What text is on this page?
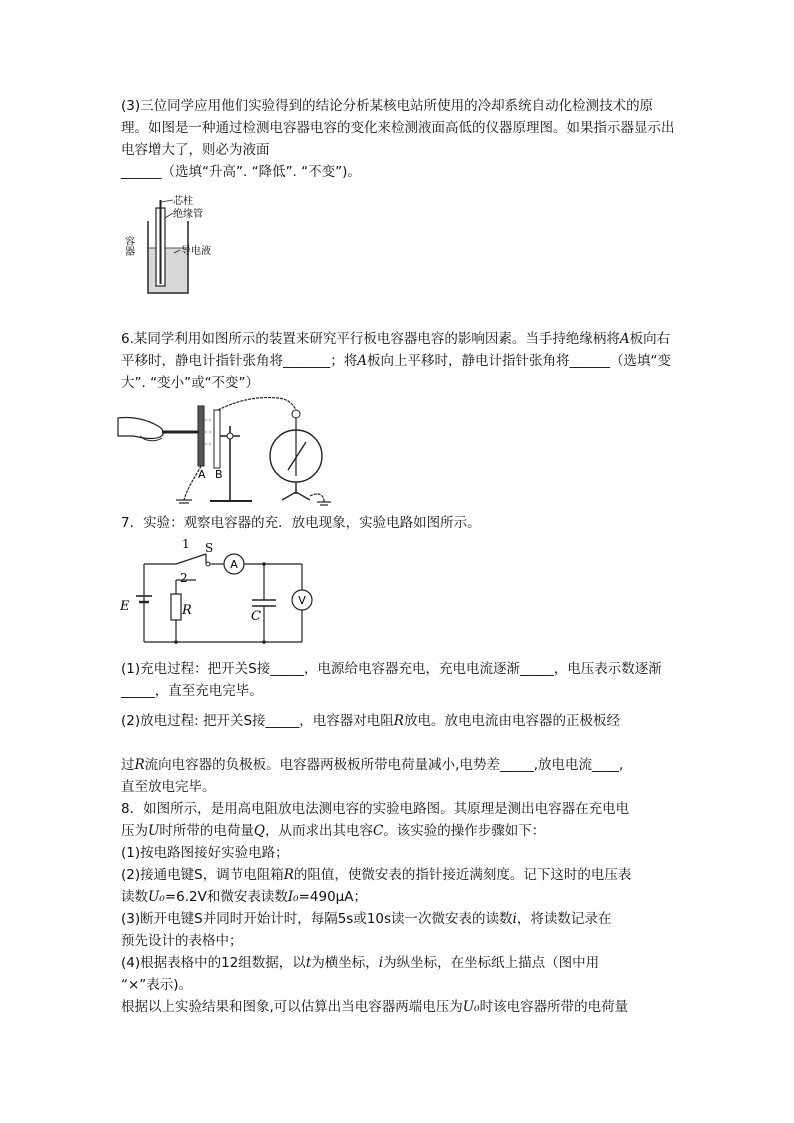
(3)三位同学应用他们实验得到的结论分析某核电站所使用的冷却系统自动化检测技术的原理。如图是一种通过检测电容器电容的变化来检测液面高低的仪器原理图。如果指示器显示出电容增大了，则必为液面
______（选填“升高”. “降低”. “不变”)。

芯柱
绝缘管
导电液
容器

6.某同学利用如图所示的装置来研究平行板电容器电容的影响因素。当手持绝缘柄将A板向右平移时，静电计指针张角将_______；将A板向上平移时，静电计指针张角将______（选填“变大”. “变小”或“不变”）

A B

7．实验：观察电容器的充．放电现象，实验电路如图所示。

A
V
C
R
E
1
2
S

(1)充电过程：把开关S接_____，电源给电容器充电，充电电流逐渐_____，电压表示数逐渐_____，直至充电完毕。

(2)放电过程: 把开关S接_____，电容器对电阻R放电。放电电流由电容器的正极板经

过R流向电容器的负极板。电容器两极板所带电荷量减小,电势差_____,放电电流____,
直至放电完毕。

8．如图所示，是用高电阻放电法测电容的实验电路图。其原理是测出电容器在充电电
压为U时所带的电荷量Q，从而求出其电容C。该实验的操作步骤如下：
(1)按电路图接好实验电路；
(2)接通电键S，调节电阻箱R的阻值，使微安表的指针接近满刻度。记下这时的电压表
读数U₀=6.2V和微安表读数I₀=490μA；
(3)断开电键S并同时开始计时，每隔5s或10s读一次微安表的读数i，将读数记录在
预先设计的表格中；
(4)根据表格中的12组数据，以t为横坐标，i为纵坐标，在坐标纸上描点（图中用
“×”表示)。
根据以上实验结果和图象,可以估算出当电容器两端电压为U₀时该电容器所带的电荷量
